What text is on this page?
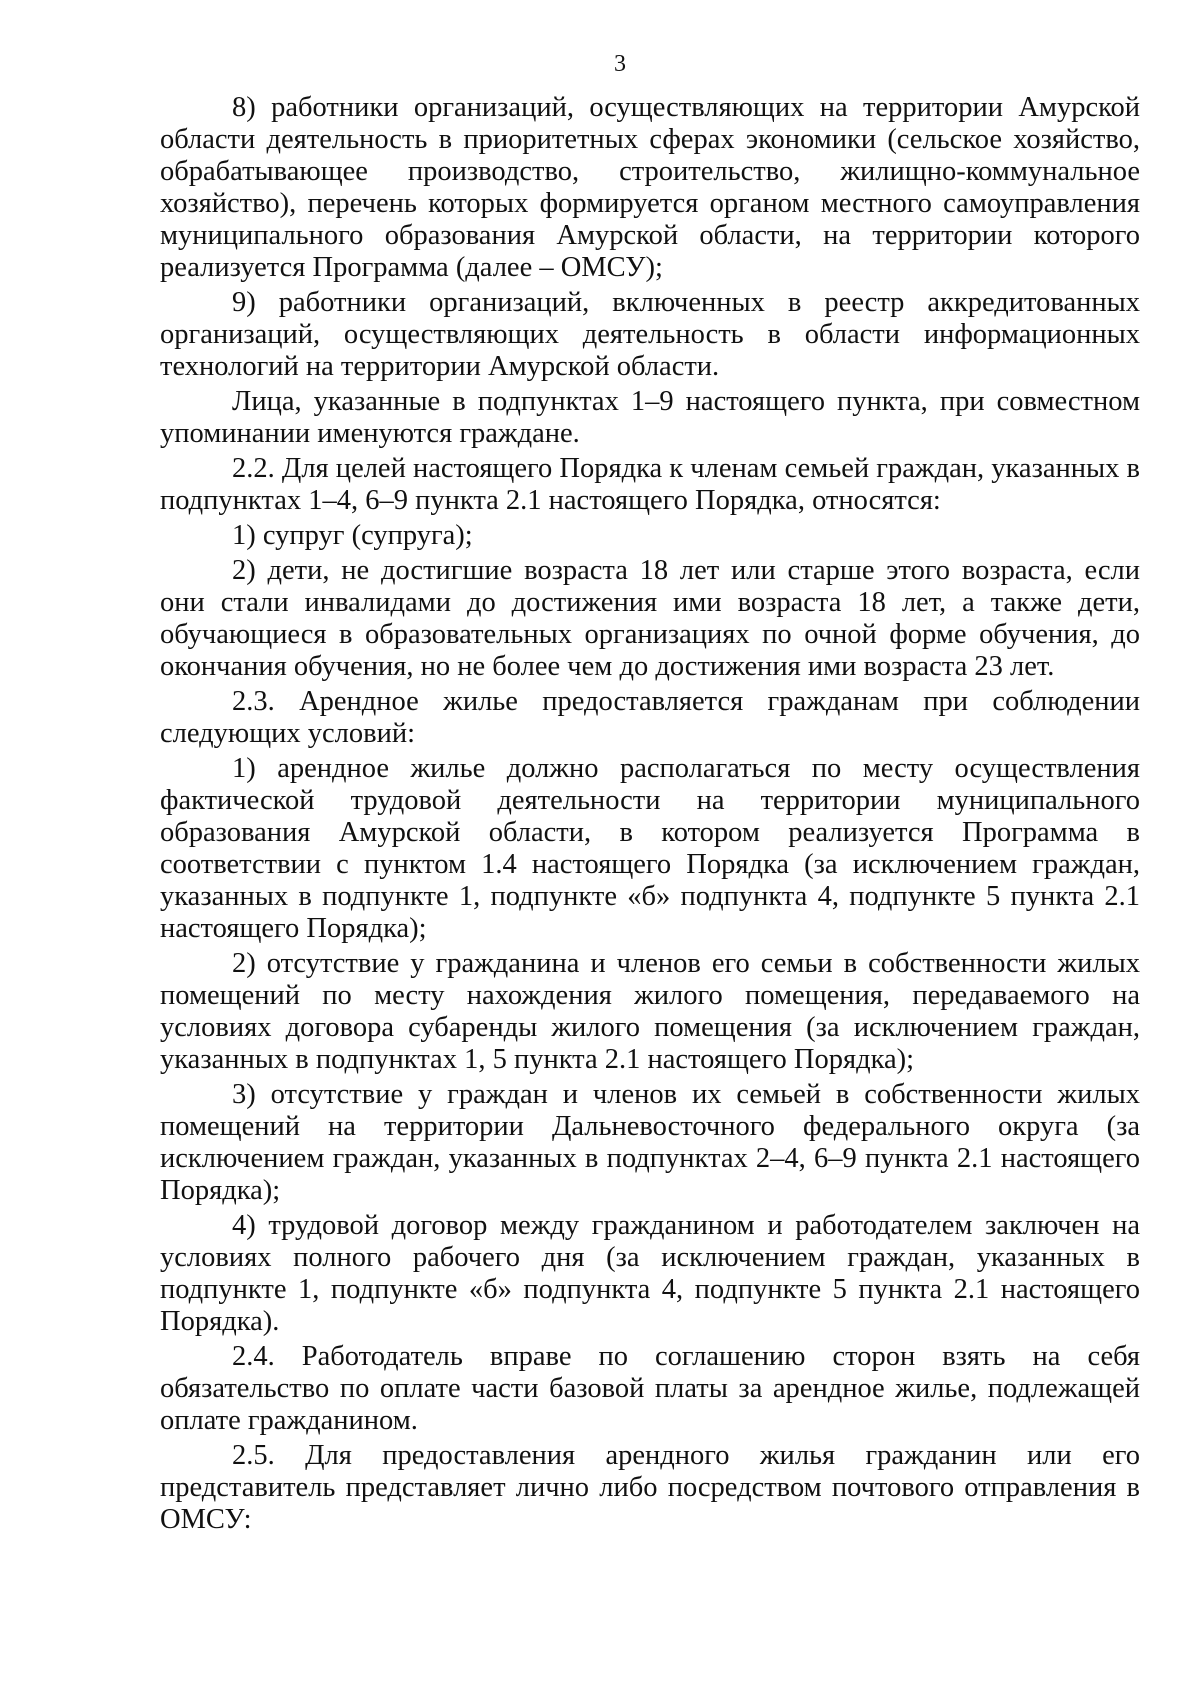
3

8) работники организаций, осуществляющих на территории Амурской области деятельность в приоритетных сферах экономики (сельское хозяйство, обрабатывающее производство, строительство, жилищно-коммунальное хозяйство), перечень которых формируется органом местного самоуправления муниципального образования Амурской области, на территории которого реализуется Программа (далее – ОМСУ);

9) работники организаций, включенных в реестр аккредитованных организаций, осуществляющих деятельность в области информационных технологий на территории Амурской области.

Лица, указанные в подпунктах 1–9 настоящего пункта, при совместном упоминании именуются граждане.

2.2. Для целей настоящего Порядка к членам семьей граждан, указанных в подпунктах 1–4, 6–9 пункта 2.1 настоящего Порядка, относятся:

1) супруг (супруга);

2) дети, не достигшие возраста 18 лет или старше этого возраста, если они стали инвалидами до достижения ими возраста 18 лет, а также дети, обучающиеся в образовательных организациях по очной форме обучения, до окончания обучения, но не более чем до достижения ими возраста 23 лет.

2.3. Арендное жилье предоставляется гражданам при соблюдении следующих условий:

1) арендное жилье должно располагаться по месту осуществления фактической трудовой деятельности на территории муниципального образования Амурской области, в котором реализуется Программа в соответствии с пунктом 1.4 настоящего Порядка (за исключением граждан, указанных в подпункте 1, подпункте «б» подпункта 4, подпункте 5 пункта 2.1 настоящего Порядка);

2) отсутствие у гражданина и членов его семьи в собственности жилых помещений по месту нахождения жилого помещения, передаваемого на условиях договора субаренды жилого помещения (за исключением граждан, указанных в подпунктах 1, 5 пункта 2.1 настоящего Порядка);

3) отсутствие у граждан и членов их семьей в собственности жилых помещений на территории Дальневосточного федерального округа (за исключением граждан, указанных в подпунктах 2–4, 6–9 пункта 2.1 настоящего Порядка);

4) трудовой договор между гражданином и работодателем заключен на условиях полного рабочего дня (за исключением граждан, указанных в подпункте 1, подпункте «б» подпункта 4, подпункте 5 пункта 2.1 настоящего Порядка).

2.4. Работодатель вправе по соглашению сторон взять на себя обязательство по оплате части базовой платы за арендное жилье, подлежащей оплате гражданином.

2.5. Для предоставления арендного жилья гражданин или его представитель представляет лично либо посредством почтового отправления в ОМСУ:
